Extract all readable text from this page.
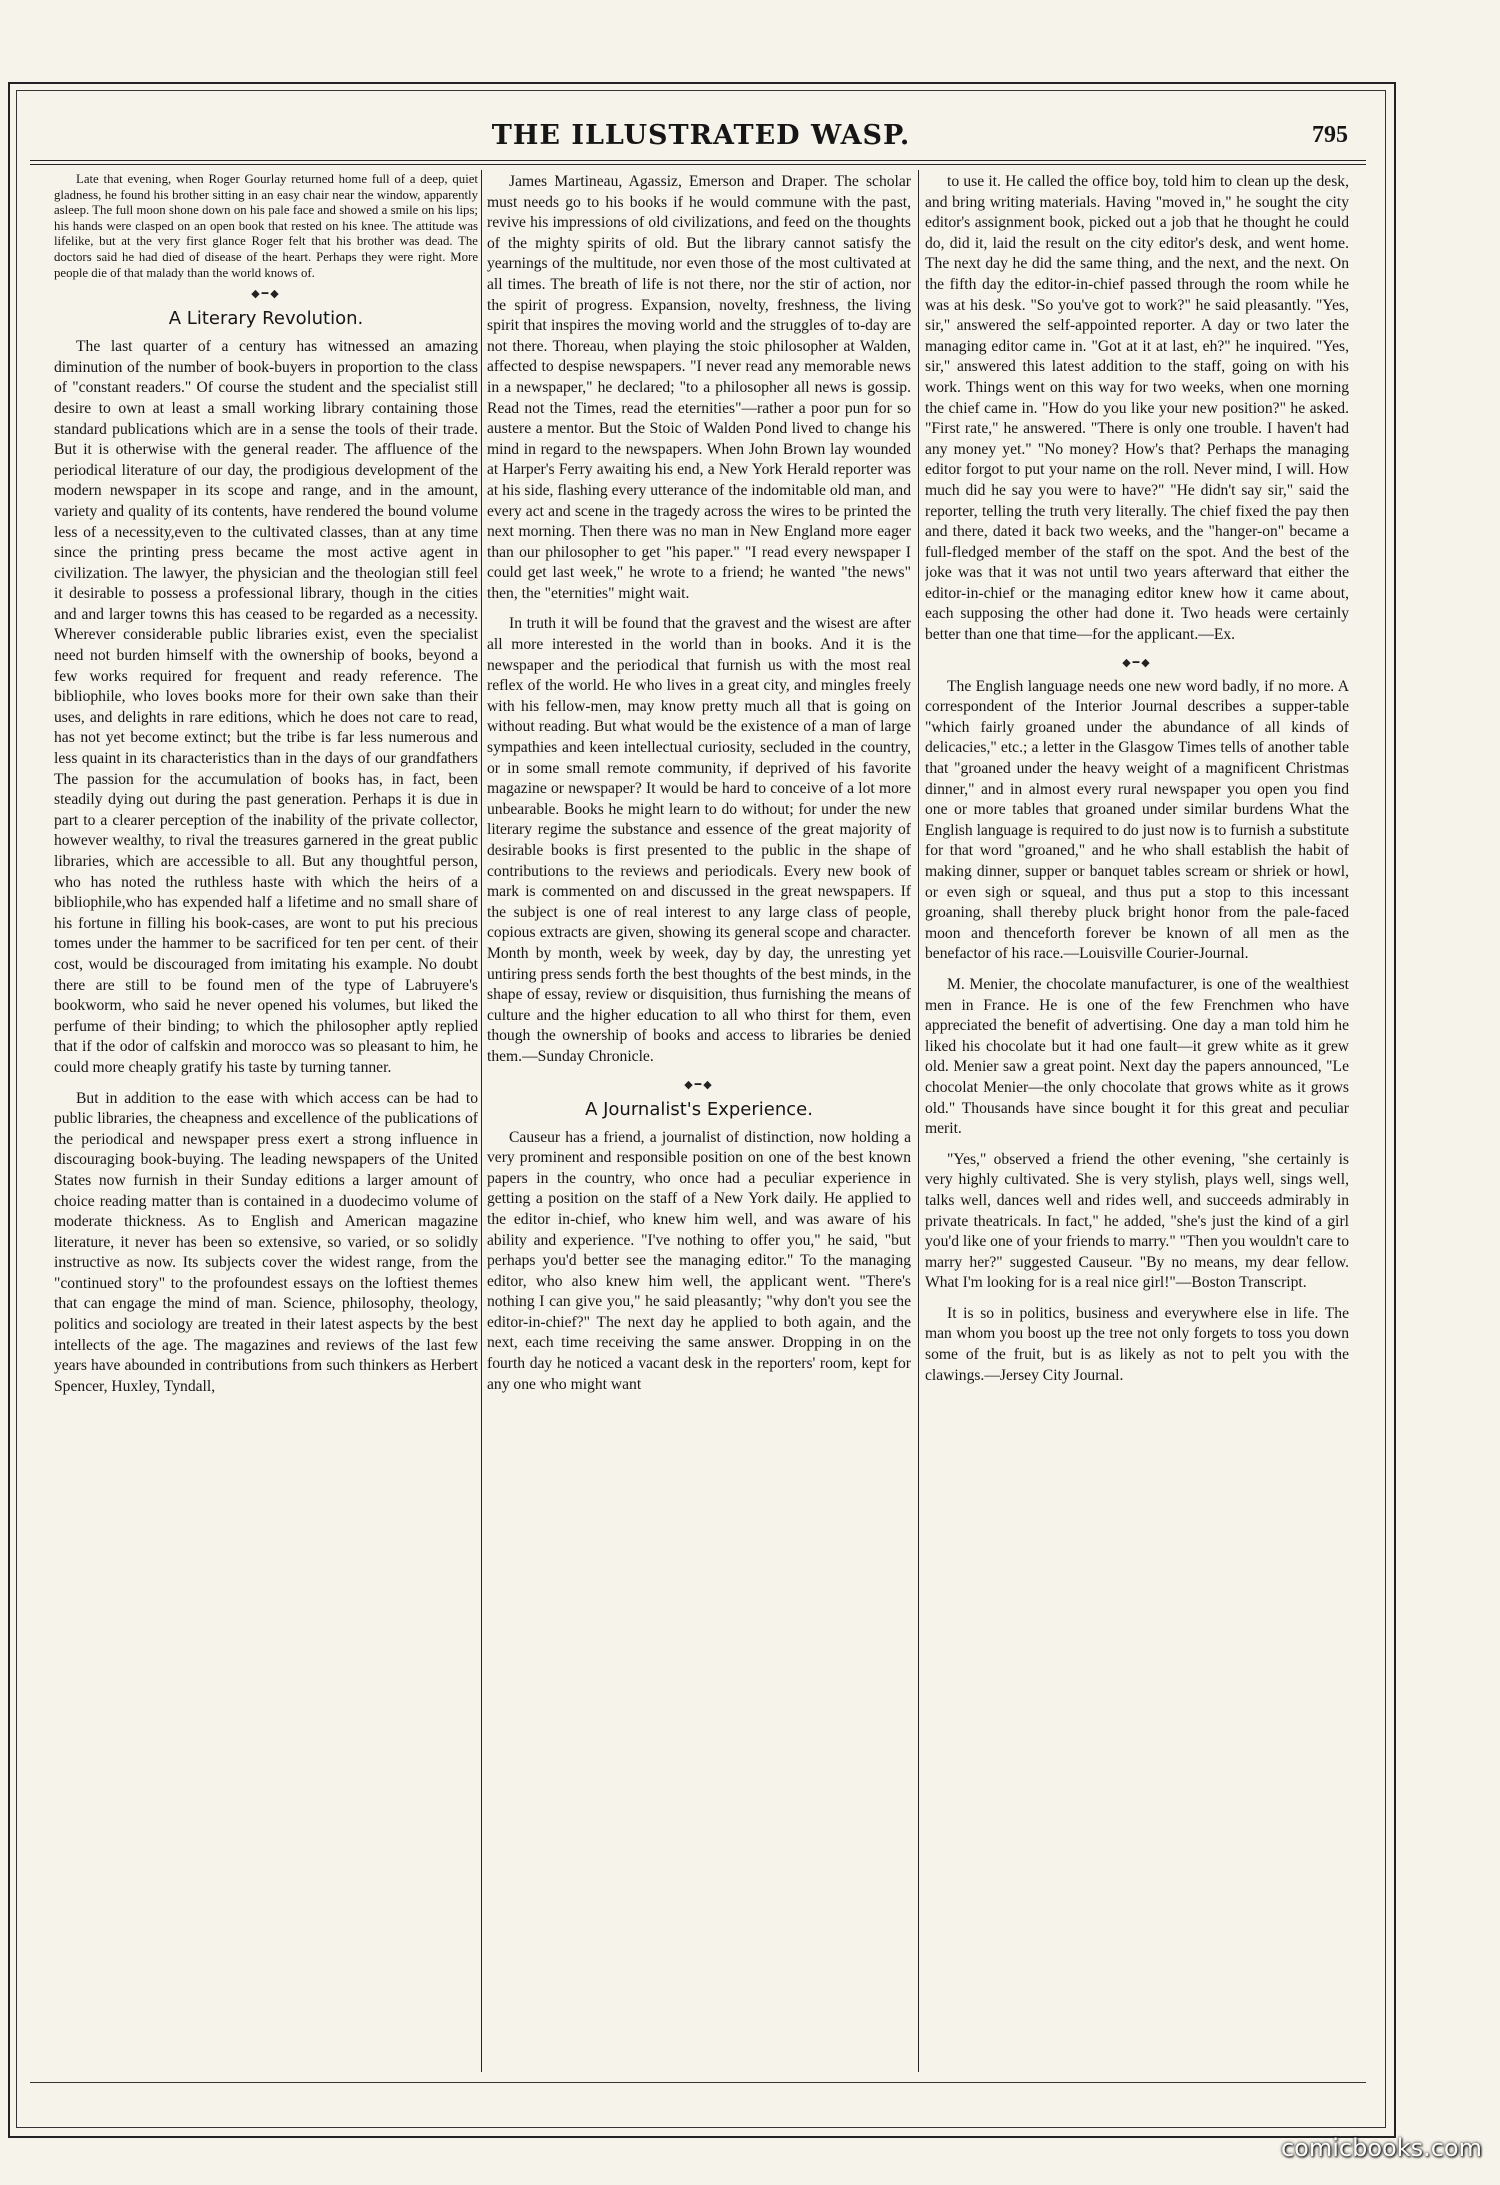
THE ILLUSTRATED WASP.	795

Late that evening, when Roger Gourlay returned home full of a deep, quiet gladness, he found his brother sitting in an easy chair near the window, apparently asleep. The full moon shone down on his pale face and showed a smile on his lips; his hands were clasped on an open book that rested on his knee. The attitude was lifelike, but at the very first glance Roger felt that his brother was dead. The doctors said he had died of disease of the heart. Perhaps they were right. More people die of that malady than the world knows of.

◆━◆
A Literary Revolution.

The last quarter of a century has witnessed an amazing diminution of the number of book-buyers in proportion to the class of "constant readers." Of course the student and the specialist still desire to own at least a small working library containing those standard publications which are in a sense the tools of their trade. But it is otherwise with the general reader. The affluence of the periodical literature of our day, the prodigious development of the modern newspaper in its scope and range, and in the amount, variety and quality of its contents, have rendered the bound volume less of a necessity,even to the cultivated classes, than at any time since the printing press became the most active agent in civilization. The lawyer, the physician and the theologian still feel it desirable to possess a professional library, though in the cities and and larger towns this has ceased to be regarded as a necessity. Wherever considerable public libraries exist, even the specialist need not burden himself with the ownership of books, beyond a few works required for frequent and ready reference. The bibliophile, who loves books more for their own sake than their uses, and delights in rare editions, which he does not care to read, has not yet become extinct; but the tribe is far less numerous and less quaint in its characteristics than in the days of our grandfathers The passion for the accumulation of books has, in fact, been steadily dying out during the past generation. Perhaps it is due in part to a clearer perception of the inability of the private collector, however wealthy, to rival the treasures garnered in the great public libraries, which are accessible to all. But any thoughtful person, who has noted the ruthless haste with which the heirs of a bibliophile,who has expended half a lifetime and no small share of his fortune in filling his book-cases, are wont to put his precious tomes under the hammer to be sacrificed for ten per cent. of their cost, would be discouraged from imitating his example. No doubt there are still to be found men of the type of Labruyere's bookworm, who said he never opened his volumes, but liked the perfume of their binding; to which the philosopher aptly replied that if the odor of calfskin and morocco was so pleasant to him, he could more cheaply gratify his taste by turning tanner.

But in addition to the ease with which access can be had to public libraries, the cheapness and excellence of the publications of the periodical and newspaper press exert a strong influence in discouraging book-buying. The leading newspapers of the United States now furnish in their Sunday editions a larger amount of choice reading matter than is contained in a duodecimo volume of moderate thickness. As to English and American magazine literature, it never has been so extensive, so varied, or so solidly instructive as now. Its subjects cover the widest range, from the "continued story" to the profoundest essays on the loftiest themes that can engage the mind of man. Science, philosophy, theology, politics and sociology are treated in their latest aspects by the best intellects of the age. The magazines and reviews of the last few years have abounded in contributions from such thinkers as Herbert Spencer, Huxley, Tyndall,

James Martineau, Agassiz, Emerson and Draper. The scholar must needs go to his books if he would commune with the past, revive his impressions of old civilizations, and feed on the thoughts of the mighty spirits of old. But the library cannot satisfy the yearnings of the multitude, nor even those of the most cultivated at all times. The breath of life is not there, nor the stir of action, nor the spirit of progress. Expansion, novelty, freshness, the living spirit that inspires the moving world and the struggles of to-day are not there. Thoreau, when playing the stoic philosopher at Walden, affected to despise newspapers. "I never read any memorable news in a newspaper," he declared; "to a philosopher all news is gossip. Read not the Times, read the eternities"—rather a poor pun for so austere a mentor. But the Stoic of Walden Pond lived to change his mind in regard to the newspapers. When John Brown lay wounded at Harper's Ferry awaiting his end, a New York Herald reporter was at his side, flashing every utterance of the indomitable old man, and every act and scene in the tragedy across the wires to be printed the next morning. Then there was no man in New England more eager than our philosopher to get "his paper." "I read every newspaper I could get last week," he wrote to a friend; he wanted "the news" then, the "eternities" might wait.

In truth it will be found that the gravest and the wisest are after all more interested in the world than in books. And it is the newspaper and the periodical that furnish us with the most real reflex of the world. He who lives in a great city, and mingles freely with his fellow-men, may know pretty much all that is going on without reading. But what would be the existence of a man of large sympathies and keen intellectual curiosity, secluded in the country, or in some small remote community, if deprived of his favorite magazine or newspaper? It would be hard to conceive of a lot more unbearable. Books he might learn to do without; for under the new literary regime the substance and essence of the great majority of desirable books is first presented to the public in the shape of contributions to the reviews and periodicals. Every new book of mark is commented on and discussed in the great newspapers. If the subject is one of real interest to any large class of people, copious extracts are given, showing its general scope and character. Month by month, week by week, day by day, the unresting yet untiring press sends forth the best thoughts of the best minds, in the shape of essay, review or disquisition, thus furnishing the means of culture and the higher education to all who thirst for them, even though the ownership of books and access to libraries be denied them.—Sunday Chronicle.

◆━◆
A Journalist's Experience.

Causeur has a friend, a journalist of distinction, now holding a very prominent and responsible position on one of the best known papers in the country, who once had a peculiar experience in getting a position on the staff of a New York daily. He applied to the editor in-chief, who knew him well, and was aware of his ability and experience. "I've nothing to offer you," he said, "but perhaps you'd better see the managing editor." To the managing editor, who also knew him well, the applicant went. "There's nothing I can give you," he said pleasantly; "why don't you see the editor-in-chief?" The next day he applied to both again, and the next, each time receiving the same answer. Dropping in on the fourth day he noticed a vacant desk in the reporters' room, kept for any one who might want

to use it. He called the office boy, told him to clean up the desk, and bring writing materials. Having "moved in," he sought the city editor's assignment book, picked out a job that he thought he could do, did it, laid the result on the city editor's desk, and went home. The next day he did the same thing, and the next, and the next. On the fifth day the editor-in-chief passed through the room while he was at his desk. "So you've got to work?" he said pleasantly. "Yes, sir," answered the self-appointed reporter. A day or two later the managing editor came in. "Got at it at last, eh?" he inquired. "Yes, sir," answered this latest addition to the staff, going on with his work. Things went on this way for two weeks, when one morning the chief came in. "How do you like your new position?" he asked. "First rate," he answered. "There is only one trouble. I haven't had any money yet." "No money? How's that? Perhaps the managing editor forgot to put your name on the roll. Never mind, I will. How much did he say you were to have?" "He didn't say sir," said the reporter, telling the truth very literally. The chief fixed the pay then and there, dated it back two weeks, and the "hanger-on" became a full-fledged member of the staff on the spot. And the best of the joke was that it was not until two years afterward that either the editor-in-chief or the managing editor knew how it came about, each supposing the other had done it. Two heads were certainly better than one that time—for the applicant.—Ex.

◆━◆

The English language needs one new word badly, if no more. A correspondent of the Interior Journal describes a supper-table "which fairly groaned under the abundance of all kinds of delicacies," etc.; a letter in the Glasgow Times tells of another table that "groaned under the heavy weight of a magnificent Christmas dinner," and in almost every rural newspaper you open you find one or more tables that groaned under similar burdens What the English language is required to do just now is to furnish a substitute for that word "groaned," and he who shall establish the habit of making dinner, supper or banquet tables scream or shriek or howl, or even sigh or squeal, and thus put a stop to this incessant groaning, shall thereby pluck bright honor from the pale-faced moon and thenceforth forever be known of all men as the benefactor of his race.—Louisville Courier-Journal.

M. Menier, the chocolate manufacturer, is one of the wealthiest men in France. He is one of the few Frenchmen who have appreciated the benefit of advertising. One day a man told him he liked his chocolate but it had one fault—it grew white as it grew old. Menier saw a great point. Next day the papers announced, "Le chocolat Menier—the only chocolate that grows white as it grows old." Thousands have since bought it for this great and peculiar merit.

"Yes," observed a friend the other evening, "she certainly is very highly cultivated. She is very stylish, plays well, sings well, talks well, dances well and rides well, and succeeds admirably in private theatricals. In fact," he added, "she's just the kind of a girl you'd like one of your friends to marry." "Then you wouldn't care to marry her?" suggested Causeur. "By no means, my dear fellow. What I'm looking for is a real nice girl!"—Boston Transcript.

It is so in politics, business and everywhere else in life. The man whom you boost up the tree not only forgets to toss you down some of the fruit, but is as likely as not to pelt you with the clawings.—Jersey City Journal.

comicbooks.com
